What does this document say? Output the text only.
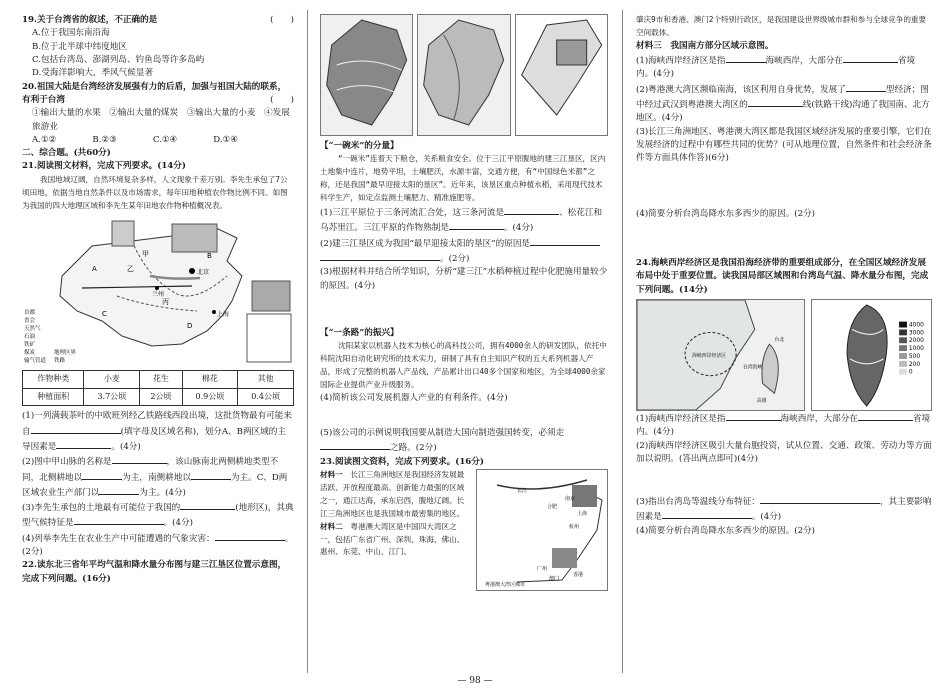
19.关于台湾省的叙述，不正确的是	(　　)

A.位于我国东南沿海

B.位于北半球中纬度地区

C.包括台湾岛、澎湖列岛、钓鱼岛等许多岛屿

D.受海洋影响大，季风气候显著

20.祖国大陆是台湾经济发展强有力的后盾，加强与祖国大陆的联系，有利于台湾	(　　)

①输出大量的水果　②输出大量的煤炭　③输出大量的小麦　④发展旅游业

A.①②	B.②③	C.①④	D.①④

二、综合题。(共60分)

21.阅读图文材料，完成下列要求。(14分)

我国地域辽阔，自然环境复杂多样，人文现象千差万别。李先生承包了7公顷田地，依据当地自然条件以及市场需求，每年田地种植农作物比例不同。如图为我国的四大地理区域和李先生某年田地农作物种植概况表。

甲
乙
丙
北京
兰州
上海
A
B
C
D
首都
省会
天然气
石油
铁矿
煤炭
输气管道
地理区界
铁路
作物种类	小麦	花生	棉花	其他
种植面积	3.7公顷	2公顷	0.9公顷	0.4公顷

(1)一列满载茶叶的中欧班列经乙铁路线西段出境，这批货物最有可能来自	(填字母及区域名称)，划分A、B两区域的主导因素是	。(4分)

(2)图中甲山脉的名称是	，该山脉南北两侧耕地类型不同，北侧耕地以	为主，南侧耕地以	为主。C、D两区域农业生产部门以	为主。(4分)

(3)李先生承包的土地最有可能位于我国的	(地形区)，其典型气候特征是	。(4分)

(4)列举李先生在农业生产中可能遭遇的气象灾害：	。(2分)

22.读东北三省年平均气温和降水量分布图与建三江垦区位置示意图，完成下列问题。(16分)

【“一碗米”的分量】

“一碗米”连着天下粮仓，关系粮食安全。位于三江平原腹地的建三江垦区，区内土地集中连片，地势平坦，土壤肥沃，水源丰富，交通方便，有“中国绿色米都”之称，还是我国“最早迎接太阳的垦区”。近年来，该垦区重点种植水稻，采用现代技术科学生产，如定点监测土壤肥力、精准施肥等。

(1)三江平原位于三条河流汇合处，这三条河流是	、松花江和乌苏里江。三江平原的作物熟制是	。(4分)

(2)建三江垦区成为我国“最早迎接太阳的垦区”的原因是。(2分)

(3)根据材料并结合所学知识，分析“建三江”水稻种植过程中化肥施用量较少的原因。(4分)

【“一条路”的振兴】

沈阳某家以机器人技术为核心的高科技公司，拥有4000余人的研发团队，依托中科院沈阳自动化研究所的技术实力，研制了具有自主知识产权的五大系列机器人产品，形成了完整的机器人产品线，产品累计出口40多个国家和地区，为全球4000余家国际企业提供产业升级服务。

(4)简析该公司发展机器人产业的有利条件。(4分)

(5)该公司的示例说明我国要从制造大国向制造强国转变，必须走之路。(2分)

23.阅读图文资料，完成下列要求。(16分)

材料一　 长江三角洲地区是我国经济发展最活跃、开放程度最高、创新能力最强的区域之一，通江达海，承东启西，腹地辽阔。长江三角洲地区也是我国城市最密集的地区。

材料二　 粤港澳大湾区是中国四大湾区之一，包括广东省广州、深圳、珠海、佛山、惠州、东莞、中山、江门、

上海
南京
杭州
合肥
广州
香港
澳门
粤港澳大湾区城市
长江

肇庆9市和香港、澳门2个特别行政区，是我国建设世界级城市群和参与全球竞争的重要空间载体。

材料三　我国南方部分区域示意图。

(1)海峡西岸经济区是指	海峡西岸，大部分在	省境内。(4分)

(2)粤港澳大湾区濒临南海，该区利用自身优势，发展了	型经济；图中经过武汉到粤港澳大湾区的	线(铁路干线)沟通了我国南、北方地区。(4分)

(3)长江三角洲地区、粤港澳大湾区都是我国区域经济发展的重要引擎，它们在发展经济的过程中有哪些共同的优势？(可从地理位置，自然条件和社会经济条件等方面具体作答)(6分)

(4)简要分析台湾岛降水东多西少的原因。(2分)

24.海峡西岸经济区是我国沿海经济带的重要组成部分，在全国区域经济发展布局中处于重要位置。读我国局部区域图和台湾岛气温、降水量分布图，完成下列问题。(14分)

海峡西岸经济区
台湾海峡
台北
高雄
4000
3000
2000
1000
500
200
0

(1)海峡西岸经济区是指	海峡西岸，大部分在	省境内。(4分)

(2)海峡西岸经济区吸引大量台胞投资，试从位置、交通、政策、劳动力等方面加以说明。(答出两点即可)(4分)

(3)指出台湾岛等温线分布特征：	，其主要影响因素是	。(4分)

(4)简要分析台湾岛降水东多西少的原因。(2分)

— 98 —
